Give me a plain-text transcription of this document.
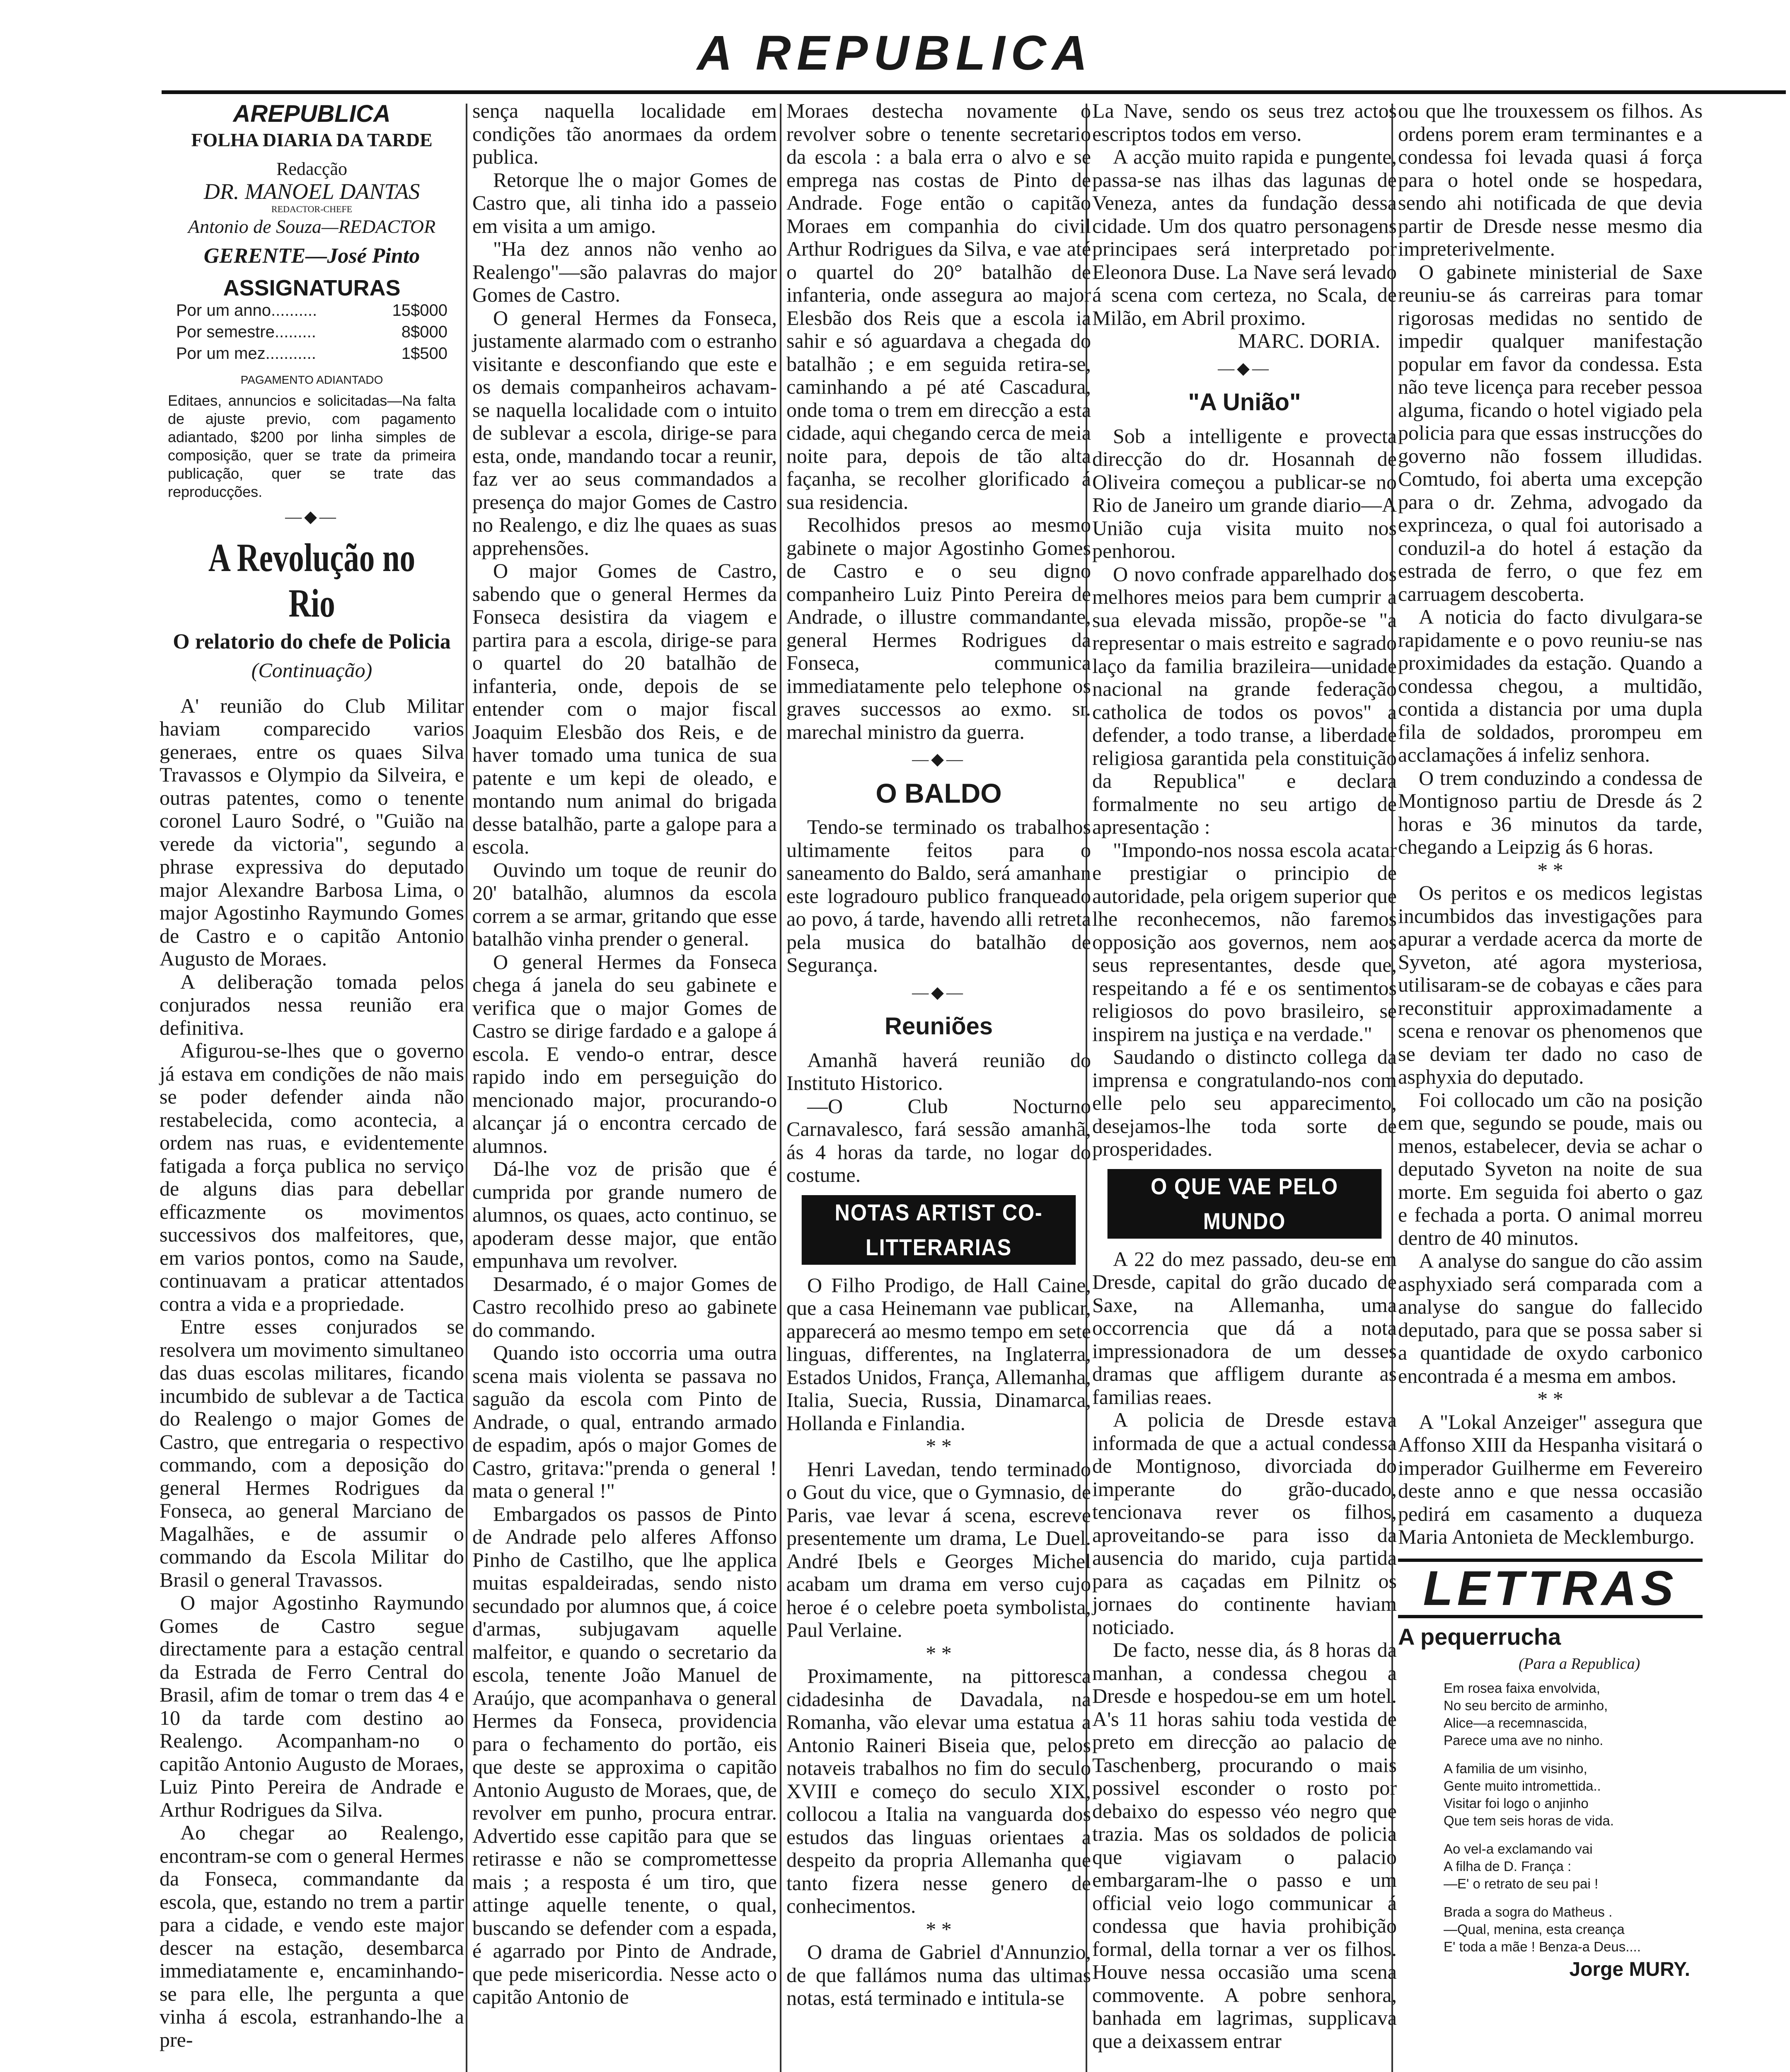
A REPUBLICA
AREPUBLICA
FOLHA DIARIA DA TARDE
Redacção
DR. MANOEL DANTAS
REDACTOR-CHEFE
Antonio de Souza—REDACTOR
GERENTE—José Pinto
ASSIGNATURAS
Por um anno..........	15$000
Por semestre.........	8$000
Por um mez...........	1$500
PAGAMENTO ADIANTADO

Editaes, annuncios e solicitadas—Na falta de ajuste previo, com pagamento adiantado, $200 por linha simples de composição, quer se trate da primeira publicação, quer se trate das reproducções.

—◆—
A Revolução no Rio
O relatorio do chefe de Policia
(Continuação)

A' reunião do Club Militar haviam comparecido varios generaes, entre os quaes Silva Travassos e Olympio da Silveira, e outras patentes, como o tenente coronel Lauro Sodré, o "Guião na verede da victoria", segundo a phrase expressiva do deputado major Alexandre Barbosa Lima, o major Agostinho Raymundo Gomes de Castro e o capitão Antonio Augusto de Moraes.

A deliberação tomada pelos conjurados nessa reunião era definitiva.

Afigurou-se-lhes que o governo já estava em condições de não mais se poder defender ainda não restabelecida, como acontecia, a ordem nas ruas, e evidentemente fatigada a força publica no serviço de alguns dias para debellar efficazmente os movimentos successivos dos malfeitores, que, em varios pontos, como na Saude, continuavam a praticar attentados contra a vida e a propriedade.

Entre esses conjurados se resolvera um movimento simultaneo das duas escolas militares, ficando incumbido de sublevar a de Tactica do Realengo o major Gomes de Castro, que entregaria o respectivo commando, com a deposição do general Hermes Rodrigues da Fonseca, ao general Marciano de Magalhães, e de assumir o commando da Escola Militar do Brasil o general Travassos.

O major Agostinho Raymundo Gomes de Castro segue directamente para a estação central da Estrada de Ferro Central do Brasil, afim de tomar o trem das 4 e 10 da tarde com destino ao Realengo. Acompanham-no o capitão Antonio Augusto de Moraes, Luiz Pinto Pereira de Andrade e Arthur Rodrigues da Silva.

Ao chegar ao Realengo, encontram-se com o general Hermes da Fonseca, commandante da escola, que, estando no trem a partir para a cidade, e vendo este major descer na estação, desembarca immediatamente e, encaminhando-se para elle, lhe pergunta a que vinha á escola, estranhando-lhe a pre-

sença naquella localidade em condições tão anormaes da ordem publica.

Retorque lhe o major Gomes de Castro que, ali tinha ido a passeio em visita a um amigo.

"Ha dez annos não venho ao Realengo"—são palavras do major Gomes de Castro.

O general Hermes da Fonseca, justamente alarmado com o estranho visitante e desconfiando que este e os demais companheiros achavam-se naquella localidade com o intuito de sublevar a escola, dirige-se para esta, onde, mandando tocar a reunir, faz ver ao seus commandados a presença do major Gomes de Castro no Realengo, e diz lhe quaes as suas apprehensões.

O major Gomes de Castro, sabendo que o general Hermes da Fonseca desistira da viagem e partira para a escola, dirige-se para o quartel do 20 batalhão de infanteria, onde, depois de se entender com o major fiscal Joaquim Elesbão dos Reis, e de haver tomado uma tunica de sua patente e um kepi de oleado, e montando num animal do brigada desse batalhão, parte a galope para a escola.

Ouvindo um toque de reunir do 20' batalhão, alumnos da escola correm a se armar, gritando que esse batalhão vinha prender o general.

O general Hermes da Fonseca chega á janela do seu gabinete e verifica que o major Gomes de Castro se dirige fardado e a galope á escola. E vendo-o entrar, desce rapido indo em perseguição do mencionado major, procurando-o alcançar já o encontra cercado de alumnos.

Dá-lhe voz de prisão que é cumprida por grande numero de alumnos, os quaes, acto continuo, se apoderam desse major, que então empunhava um revolver.

Desarmado, é o major Gomes de Castro recolhido preso ao gabinete do commando.

Quando isto occorria uma outra scena mais violenta se passava no saguão da escola com Pinto de Andrade, o qual, entrando armado de espadim, após o major Gomes de Castro, gritava:"prenda o general ! mata o general !"

Embargados os passos de Pinto de Andrade pelo alferes Affonso Pinho de Castilho, que lhe applica muitas espaldeiradas, sendo nisto secundado por alumnos que, á coice d'armas, subjugavam aquelle malfeitor, e quando o secretario da escola, tenente João Manuel de Araújo, que acompanhava o general Hermes da Fonseca, providencia para o fechamento do portão, eis que deste se approxima o capitão Antonio Augusto de Moraes, que, de revolver em punho, procura entrar. Advertido esse capitão para que se retirasse e não se compromettesse mais ; a resposta é um tiro, que attinge aquelle tenente, o qual, buscando se defender com a espada, é agarrado por Pinto de Andrade, que pede misericordia. Nesse acto o capitão Antonio de

Moraes destecha novamente o revolver sobre o tenente secretario da escola : a bala erra o alvo e se emprega nas costas de Pinto de Andrade. Foge então o capitão Moraes em companhia do civil Arthur Rodrigues da Silva, e vae até o quartel do 20° batalhão de infanteria, onde assegura ao major Elesbão dos Reis que a escola ia sahir e só aguardava a chegada do batalhão ; e em seguida retira-se, caminhando a pé até Cascadura, onde toma o trem em direcção a esta cidade, aqui chegando cerca de meia noite para, depois de tão alta façanha, se recolher glorificado á sua residencia.

Recolhidos presos ao mesmo gabinete o major Agostinho Gomes de Castro e o seu digno companheiro Luiz Pinto Pereira de Andrade, o illustre commandante, general Hermes Rodrigues da Fonseca, communica immediatamente pelo telephone os graves successos ao exmo. sr. marechal ministro da guerra.

—◆—
O BALDO

Tendo-se terminado os trabalhos ultimamente feitos para o saneamento do Baldo, será amanhan este logradouro publico franqueado ao povo, á tarde, havendo alli retreta pela musica do batalhão de Segurança.

—◆—
Reuniões

Amanhã haverá reunião do Instituto Historico.

—O Club Nocturno Carnavalesco, fará sessão amanhã, ás 4 horas da tarde, no logar do costume.

NOTAS ARTIST CO-LITTERARIAS

O Filho Prodigo, de Hall Caine, que a casa Heinemann vae publicar, apparecerá ao mesmo tempo em sete linguas, differentes, na Inglaterra, Estados Unidos, França, Allemanha, Italia, Suecia, Russia, Dinamarca, Hollanda e Finlandia.

* *

Henri Lavedan, tendo terminado o Gout du vice, que o Gymnasio, de Paris, vae levar á scena, escreve presentemente um drama, Le Duel. André Ibels e Georges Michel acabam um drama em verso cujo heroe é o celebre poeta symbolista, Paul Verlaine.

* *

Proximamente, na pittoresca cidadesinha de Davadala, na Romanha, vão elevar uma estatua a Antonio Raineri Biseia que, pelos notaveis trabalhos no fim do seculo XVIII e começo do seculo XIX, collocou a Italia na vanguarda dos estudos das linguas orientaes a despeito da propria Allemanha que tanto fizera nesse genero de conhecimentos.

* *

O drama de Gabriel d'Annunzio, de que fallámos numa das ultimas notas, está terminado e intitula-se

La Nave, sendo os seus trez actos escriptos todos em verso.

A acção muito rapida e pungente, passa-se nas ilhas das lagunas de Veneza, antes da fundação dessa cidade. Um dos quatro personagens principaes será interpretado por Eleonora Duse. La Nave será levado á scena com certeza, no Scala, de Milão, em Abril proximo.

MARC. DORIA.
—◆—
"A União"

Sob a intelligente e provecta direcção do dr. Hosannah de Oliveira começou a publicar-se no Rio de Janeiro um grande diario—A União cuja visita muito nos penhorou.

O novo confrade apparelhado dos melhores meios para bem cumprir a sua elevada missão, propõe-se "a representar o mais estreito e sagrado laço da familia brazileira—unidade nacional na grande federação catholica de todos os povos" a defender, a todo transe, a liberdade religiosa garantida pela constituição da Republica" e declara formalmente no seu artigo de apresentação :

"Impondo-nos nossa escola acatar e prestigiar o principio de autoridade, pela origem superior que lhe reconhecemos, não faremos opposição aos governos, nem aos seus representantes, desde que, respeitando a fé e os sentimentos religiosos do povo brasileiro, se inspirem na justiça e na verdade."

Saudando o distincto collega da imprensa e congratulando-nos com elle pelo seu apparecimento, desejamos-lhe toda sorte de prosperidades.

O QUE VAE PELO MUNDO

A 22 do mez passado, deu-se em Dresde, capital do grão ducado de Saxe, na Allemanha, uma occorrencia que dá a nota impressionadora de um desses dramas que affligem durante as familias reaes.

A policia de Dresde estava informada de que a actual condessa de Montignoso, divorciada do imperante do grão-ducado, tencionava rever os filhos, aproveitando-se para isso da ausencia do marido, cuja partida para as caçadas em Pilnitz os jornaes do continente haviam noticiado.

De facto, nesse dia, ás 8 horas da manhan, a condessa chegou a Dresde e hospedou-se em um hotel. A's 11 horas sahiu toda vestida de preto em direcção ao palacio de Taschenberg, procurando o mais possivel esconder o rosto por debaixo do espesso véo negro que trazia. Mas os soldados de policia que vigiavam o palacio embargaram-lhe o passo e um official veio logo communicar á condessa que havia prohibição formal, della tornar a ver os filhos. Houve nessa occasião uma scena commovente. A pobre senhora, banhada em lagrimas, supplicava que a deixassem entrar

ou que lhe trouxessem os filhos. As ordens porem eram terminantes e a condessa foi levada quasi á força para o hotel onde se hospedara, sendo ahi notificada de que devia partir de Dresde nesse mesmo dia impreterivelmente.

O gabinete ministerial de Saxe reuniu-se ás carreiras para tomar rigorosas medidas no sentido de impedir qualquer manifestação popular em favor da condessa. Esta não teve licença para receber pessoa alguma, ficando o hotel vigiado pela policia para que essas instrucções do governo não fossem illudidas. Comtudo, foi aberta uma excepção para o dr. Zehma, advogado da exprinceza, o qual foi autorisado a conduzil-a do hotel á estação da estrada de ferro, o que fez em carruagem descoberta.

A noticia do facto divulgara-se rapidamente e o povo reuniu-se nas proximidades da estação. Quando a condessa chegou, a multidão, contida a distancia por uma dupla fila de soldados, prorompeu em acclamações á infeliz senhora.

O trem conduzindo a condessa de Montignoso partiu de Dresde ás 2 horas e 36 minutos da tarde, chegando a Leipzig ás 6 horas.

* *

Os peritos e os medicos legistas incumbidos das investigações para apurar a verdade acerca da morte de Syveton, até agora mysteriosa, utilisaram-se de cobayas e cães para reconstituir approximadamente a scena e renovar os phenomenos que se deviam ter dado no caso de asphyxia do deputado.

Foi collocado um cão na posição em que, segundo se poude, mais ou menos, estabelecer, devia se achar o deputado Syveton na noite de sua morte. Em seguida foi aberto o gaz e fechada a porta. O animal morreu dentro de 40 minutos.

A analyse do sangue do cão assim asphyxiado será comparada com a analyse do sangue do fallecido deputado, para que se possa saber si a quantidade de oxydo carbonico encontrada é a mesma em ambos.

* *

A "Lokal Anzeiger" assegura que Affonso XIII da Hespanha visitará o imperador Guilherme em Fevereiro deste anno e que nessa occasião pedirá em casamento a duqueza Maria Antonieta de Mecklemburgo.

LETTRAS
A pequerrucha
(Para a Republica)

Em rosea faixa envolvida,

No seu bercito de arminho,

Alice—a recemnascida,

Parece uma ave no ninho.

A familia de um visinho,

Gente muito intromettida..

Visitar foi logo o anjinho

Que tem seis horas de vida.

Ao vel-a exclamando vai

A filha de D. França :

—E' o retrato de seu pai !

Brada a sogra do Matheus .

—Qual, menina, esta creança

E' toda a mãe ! Benza-a Deus....

Jorge MURY.
